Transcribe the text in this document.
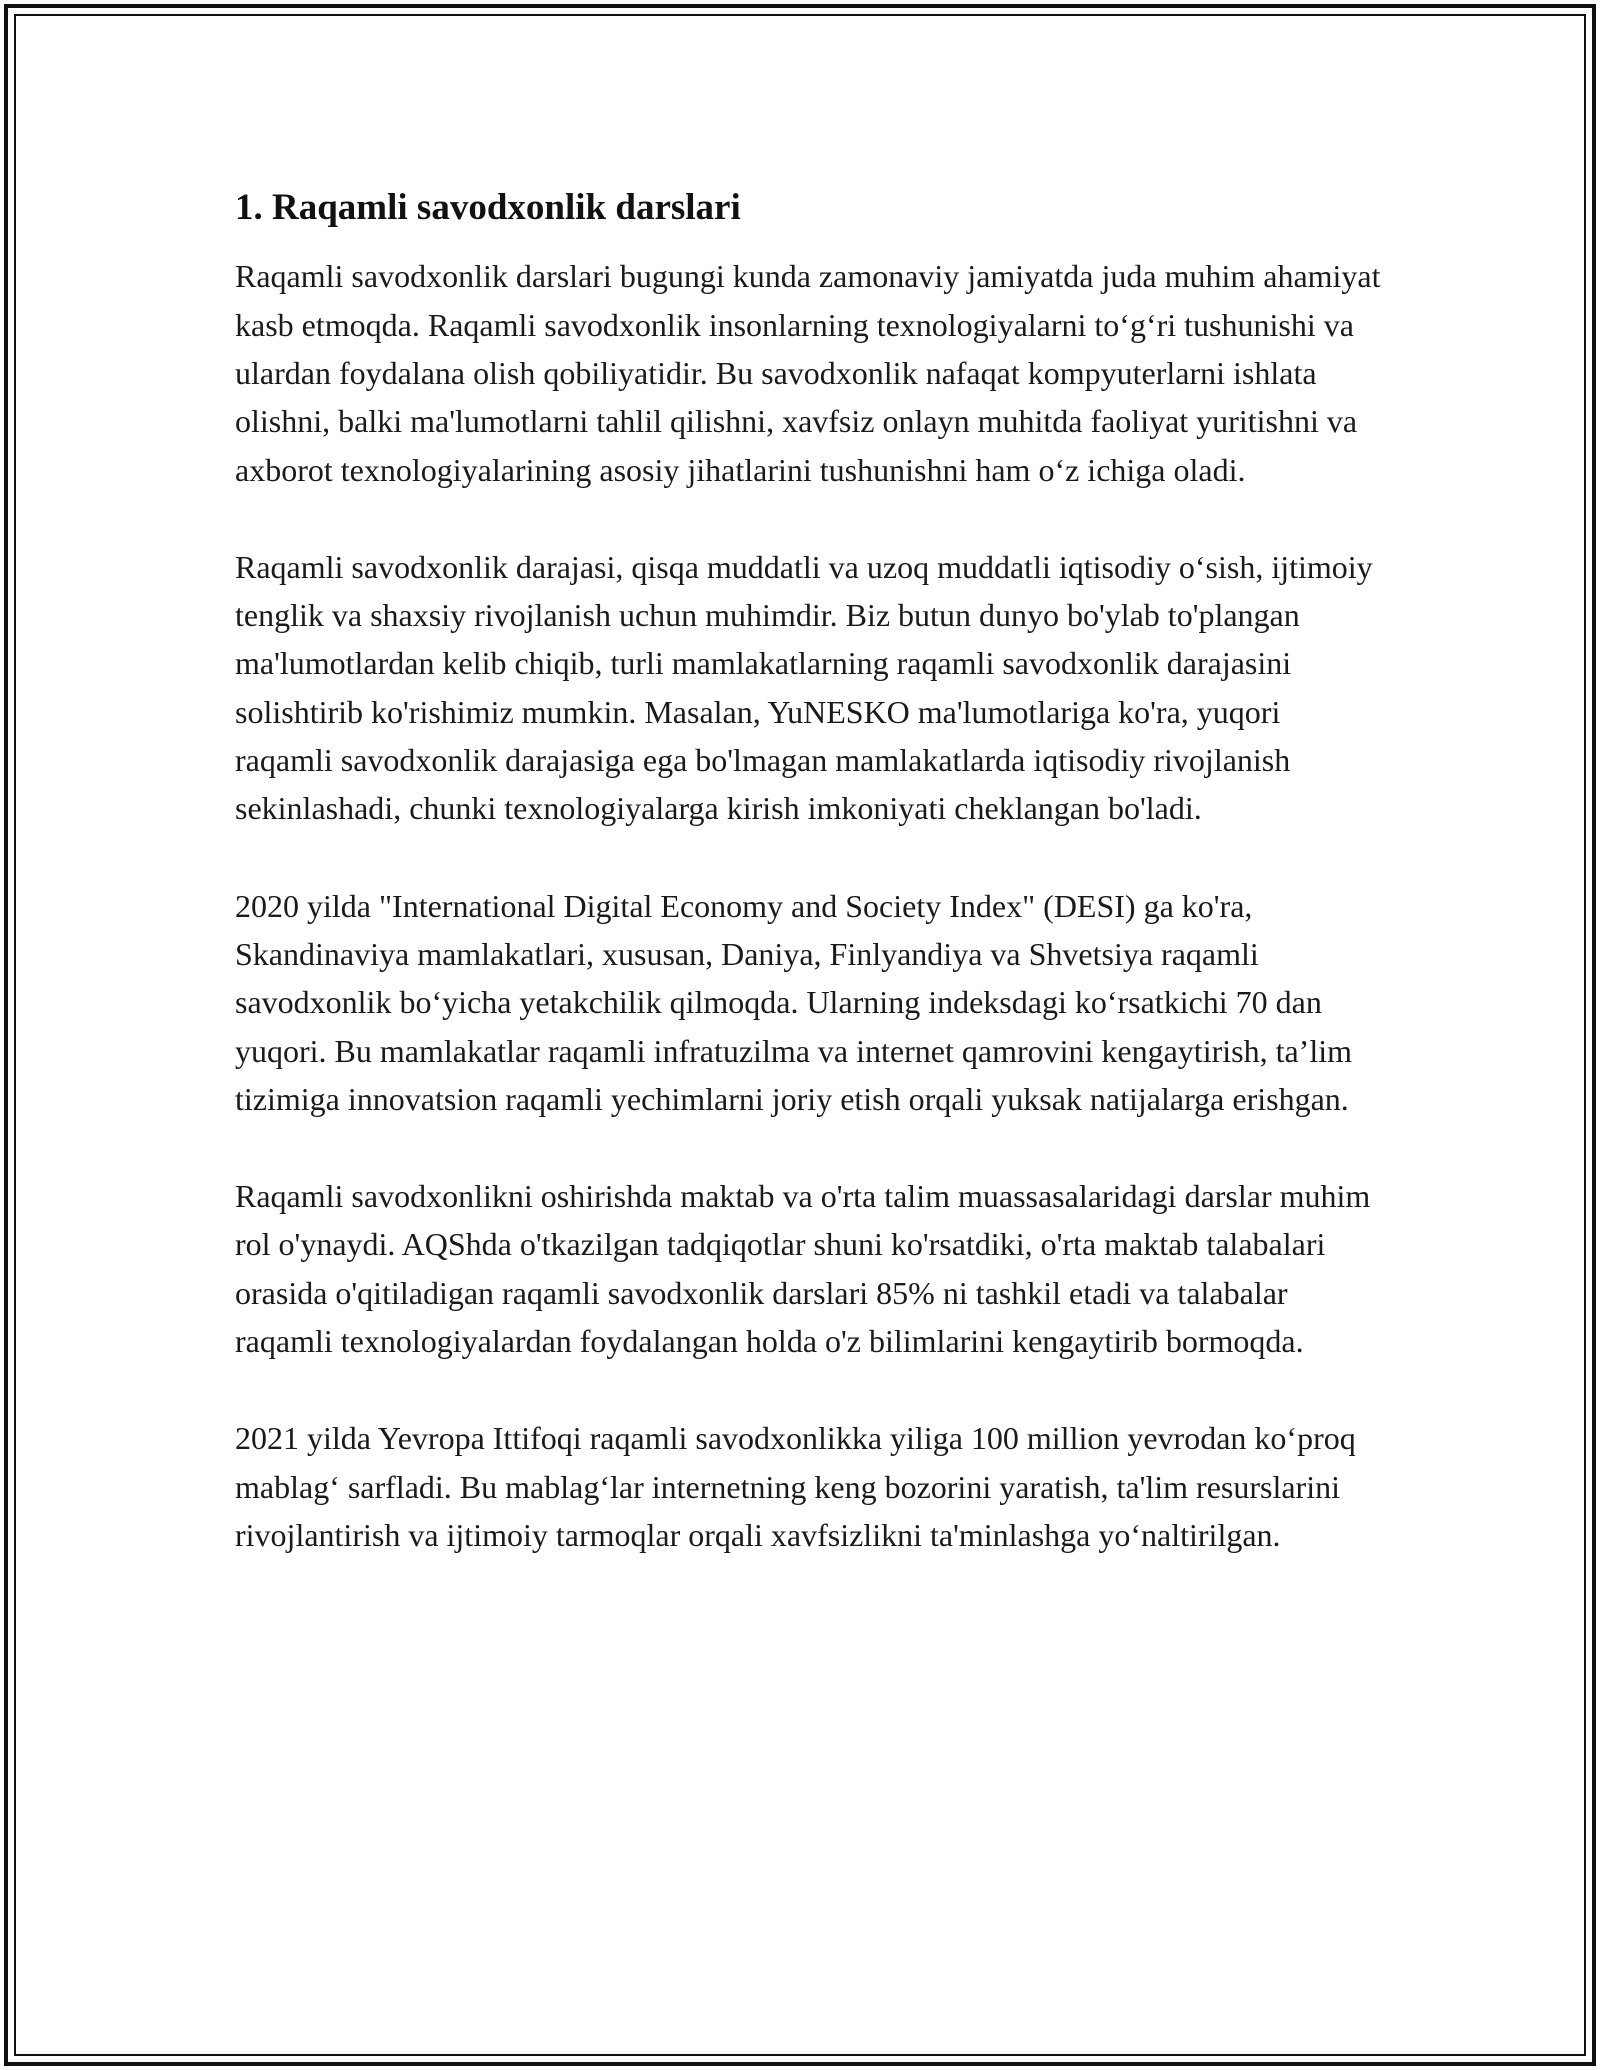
1. Raqamli savodxonlik darslari

Raqamli savodxonlik darslari bugungi kunda zamonaviy jamiyatda juda muhim ahamiyat kasb etmoqda. Raqamli savodxonlik insonlarning texnologiyalarni to‘g‘ri tushunishi va ulardan foydalana olish qobiliyatidir. Bu savodxonlik nafaqat kompyuterlarni ishlata olishni, balki ma'lumotlarni tahlil qilishni, xavfsiz onlayn muhitda faoliyat yuritishni va axborot texnologiyalarining asosiy jihatlarini tushunishni ham o‘z ichiga oladi.

Raqamli savodxonlik darajasi, qisqa muddatli va uzoq muddatli iqtisodiy o‘sish, ijtimoiy tenglik va shaxsiy rivojlanish uchun muhimdir. Biz butun dunyo bo'ylab to'plangan ma'lumotlardan kelib chiqib, turli mamlakatlarning raqamli savodxonlik darajasini solishtirib ko'rishimiz mumkin. Masalan, YuNESKO ma'lumotlariga ko'ra, yuqori raqamli savodxonlik darajasiga ega bo'lmagan mamlakatlarda iqtisodiy rivojlanish sekinlashadi, chunki texnologiyalarga kirish imkoniyati cheklangan bo'ladi.

2020 yilda "International Digital Economy and Society Index" (DESI) ga ko'ra, Skandinaviya mamlakatlari, xususan, Daniya, Finlyandiya va Shvetsiya raqamli savodxonlik bo‘yicha yetakchilik qilmoqda. Ularning indeksdagi ko‘rsatkichi 70 dan yuqori. Bu mamlakatlar raqamli infratuzilma va internet qamrovini kengaytirish, ta’lim tizimiga innovatsion raqamli yechimlarni joriy etish orqali yuksak natijalarga erishgan.

Raqamli savodxonlikni oshirishda maktab va o'rta talim muassasalaridagi darslar muhim rol o'ynaydi. AQShda o'tkazilgan tadqiqotlar shuni ko'rsatdiki, o'rta maktab talabalari orasida o'qitiladigan raqamli savodxonlik darslari 85% ni tashkil etadi va talabalar raqamli texnologiyalardan foydalangan holda o'z bilimlarini kengaytirib bormoqda.

2021 yilda Yevropa Ittifoqi raqamli savodxonlikka yiliga 100 million yevrodan ko‘proq mablag‘ sarfladi. Bu mablag‘lar internetning keng bozorini yaratish, ta'lim resurslarini rivojlantirish va ijtimoiy tarmoqlar orqali xavfsizlikni ta'minlashga yo‘naltirilgan.
